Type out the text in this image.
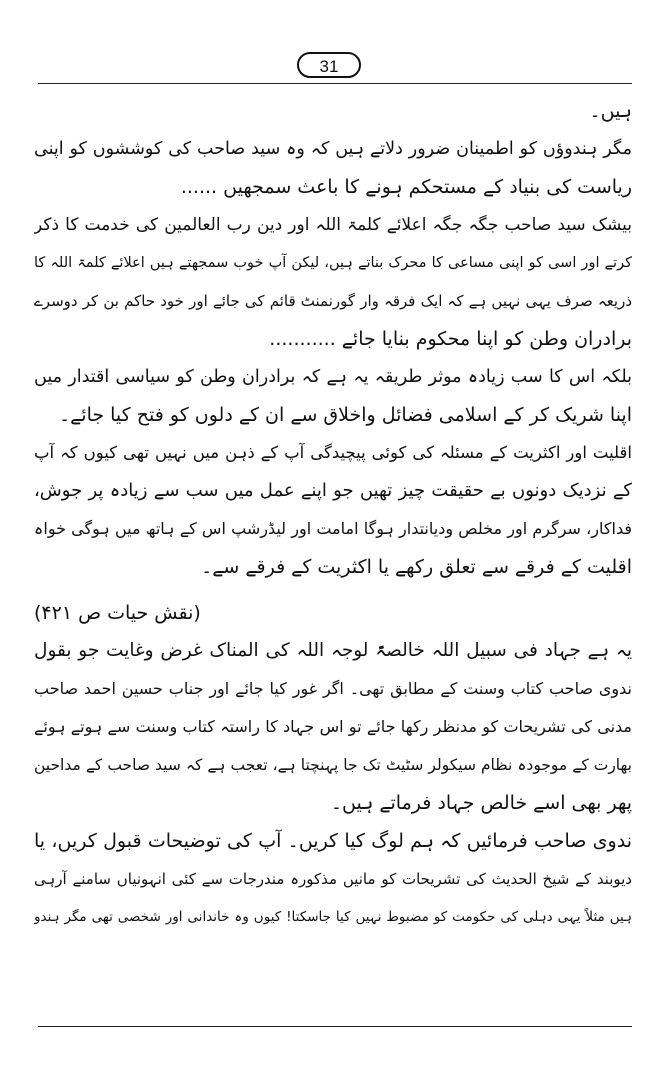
31
ہیں۔
مگر ہندوؤں کو اطمینان ضرور دلاتے ہیں کہ وہ سید صاحب کی کوششوں کو اپنی
ریاست کی بنیاد کے مستحکم ہونے کا باعث سمجھیں ......
بیشک سید صاحب جگہ جگہ اعلائے کلمۃ اللہ اور دین رب العالمین کی خدمت کا ذکر
کرتے اور اسی کو اپنی مساعی کا محرک بناتے ہیں، لیکن آپ خوب سمجھتے ہیں اعلائے کلمۃ اللہ کا
ذریعہ صرف یہی نہیں ہے کہ ایک فرقہ وار گورنمنٹ قائم کی جائے اور خود حاکم بن کر دوسرے
برادران وطن کو اپنا محکوم بنایا جائے ...........
بلکہ اس کا سب زیادہ موثر طریقہ یہ ہے کہ برادران وطن کو سیاسی اقتدار میں
اپنا شریک کر کے اسلامی فضائل واخلاق سے ان کے دلوں کو فتح کیا جائے۔
اقلیت اور اکثریت کے مسئلہ کی کوئی پیچیدگی آپ کے ذہن میں نہیں تھی کیوں کہ آپ
کے نزدیک دونوں بے حقیقت چیز تھیں جو اپنے عمل میں سب سے زیادہ پر جوش،
فداکار، سرگرم اور مخلص ودیانتدار ہوگا امامت اور لیڈرشپ اس کے ہاتھ میں ہوگی خواہ
اقلیت کے فرقے سے تعلق رکھے یا اکثریت کے فرقے سے۔
(نقش حیات ص ۴۲۱)
یہ ہے جہاد فی سبیل اللہ خالصۃً لوجہ اللہ کی المناک غرض وغایت جو بقول
ندوی صاحب کتاب وسنت کے مطابق تھی۔ اگر غور کیا جائے اور جناب حسین احمد صاحب
مدنی کی تشریحات کو مدنظر رکھا جائے تو اس جہاد کا راستہ کتاب وسنت سے ہوتے ہوئے
بھارت کے موجودہ نظام سیکولر سٹیٹ تک جا پہنچتا ہے، تعجب ہے کہ سید صاحب کے مداحین
پھر بھی اسے خالص جہاد فرماتے ہیں۔
ندوی صاحب فرمائیں کہ ہم لوگ کیا کریں۔ آپ کی توضیحات قبول کریں، یا
دیوبند کے شیخ الحدیث کی تشریحات کو مانیں مذکورہ مندرجات سے کئی انہونیاں سامنے آرہی
ہیں مثلاً یہی دہلی کی حکومت کو مضبوط نہیں کیا جاسکتا! کیوں وہ خاندانی اور شخصی تھی مگر ہندو
